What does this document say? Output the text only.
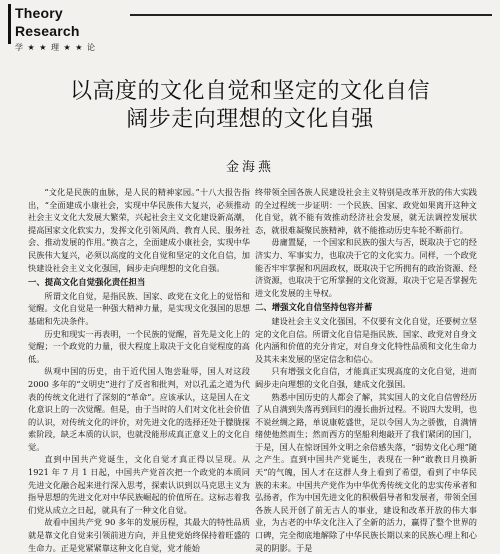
Theory Research
学 ★ ★ 理 ★ ★ 论
以高度的文化自觉和坚定的文化自信
阔步走向理想的文化自强
金海燕

“文化是民族的血脉，是人民的精神家园。”十八大报告指出，“全面建成小康社会，实现中华民族伟大复兴，必须推动社会主义文化大发展大繁荣，兴起社会主义文化建设新高潮，提高国家文化软实力，发挥文化引领风尚、教育人民、服务社会、推动发展的作用。”换言之，全面建成小康社会，实现中华民族伟大复兴，必须以高度的文化自觉和坚定的文化自信，加快建设社会主义文化强国，阔步走向理想的文化自强。

一、提高文化自觉强化责任担当

所谓文化自觉，是指民族、国家、政党在文化上的觉悟和觉醒。文化自觉是一种强大精神力量，是实现文化强国的思想基础和先决条件。

历史和现实一再表明，一个民族的觉醒，首先是文化上的觉醒；一个政党的力量，很大程度上取决于文化自觉程度的高低。

纵观中国的历史，由于近代国人饱尝耻辱，国人对这段 2000 多年的“文明史”进行了反省和批判，对以孔孟之道为代表的传统文化进行了深刻的“革命”。应该承认，这是国人在文化意识上的一次觉醒。但是，由于当时的人们对文化社会价值的认识，对传统文化的评价，对先进文化的选择还处于朦胧探索阶段，缺乏本质的认识，也就没能形成真正意义上的文化自觉。

直到中国共产党诞生，文化自觉才真正得以呈现。从 1921 年 7 月 1 日起，中国共产党首次把一个政党的本质同先进文化融合起来进行深入思考，探索认识到以马克思主义为指导思想的先进文化对中华民族崛起的价值所在。这标志着我们党从成立之日起，就具有了一种文化自觉。

故看中国共产党 90 多年的发展历程，其最大的特性品质就是靠文化自觉来引领前进方向，并且使党始终保持着旺盛的生命力。正是党紧紧靠这种文化自觉，党才能始

终带领全国各族人民建设社会主义特别是改革开放的伟大实践的全过程统一步证明：一个民族、国家、政党如果离开这种文化自觉，就不能有效推动经济社会发展，就无法调控发展状态，就很难凝聚民族精神，就不能推动历史车轮不断前行。

毋庸置疑，一个国家和民族的强大与否，既取决于它的经济实力、军事实力，也取决于它的文化实力。同样，一个政党能否牢牢掌握和巩固政权，既取决于它所拥有的政治资源、经济资源，也取决于它所掌握的文化资源，取决于它是否掌握先进文化发展的主导权。

二、增强文化自信坚持包容并蓄

建设社会主义文化强国，不仅要有文化自觉，还要树立坚定的文化自信。所谓文化自信是指民族、国家、政党对自身文化内涵和价值的充分肯定，对自身文化特性品质和文化生命力及其未来发展的坚定信念和信心。

只有增强文化自信，才能真正实现高度的文化自觉，进而阔步走向理想的文化自强，建成文化强国。

熟悉中国历史的人都会了解，其实国人的文化自信曾经历了从自满到失落再到回归的漫长曲折过程。不说四大发明，也不说丝绸之路，单说康乾盛世，足以令国人为之骄傲，自满情绪使他然而生；然而西方的坚船利炮敲开了我们紧闭的国门，于是，国人在惊讶国外文明之余倍感失落，“弱势文化心理”随之产生。直到中国共产党诞生，表现在一种“敢教日月换新天”的气魄，国人才在这群人身上看到了希望，看到了中华民族的未来。中国共产党作为中华优秀传统文化的忠实传承者和弘扬者，作为中国先进文化的积极倡导者和发展者，带领全国各族人民开创了前无古人的事业，建设和改革开放的伟大事业，为古老的中华文化注入了全新的活力，赢得了整个世界的口碑，完全彻底地解除了中华民族长期以来的民族心理上和心灵的阴影。于是
